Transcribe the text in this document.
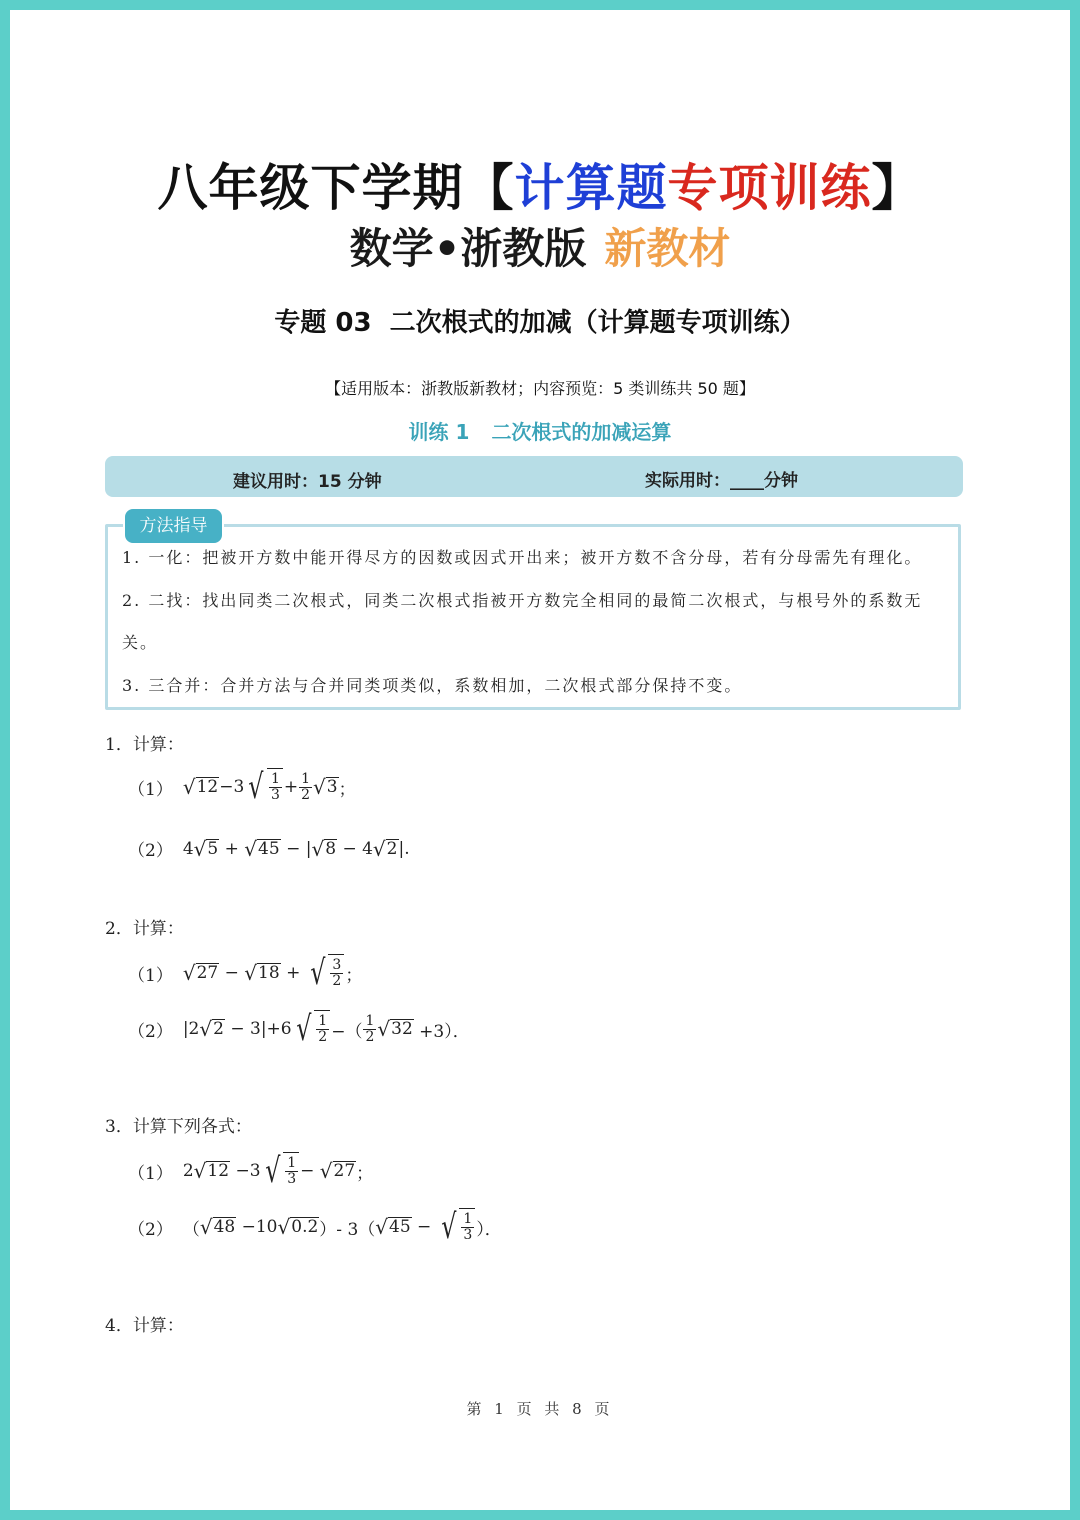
八年级下学期【计算题专项训练】
数学•浙教版 新教材
专题 03  二次根式的加减（计算题专项训练）
【适用版本：浙教版新教材；内容预览：5 类训练共 50 题】
训练 1 二次根式的加减运算
建议用时：15 分钟	实际用时：____分钟
方法指导
1. 一化：把被开方数中能开得尽方的因数或因式开出来；被开方数不含分母，若有分母需先有理化。
2. 二找：找出同类二次根式，同类二次根式指被开方数完全相同的最简二次根式，与根号外的系数无
关。
3. 三合并：合并方法与合并同类项类似，系数相加，二次根式部分保持不变。
1．计算：
（1） √ 12 −3 √ $\frac{1}{3} + \frac{1}{2}$ √ 3 ；
（2） 4 √ 5 + √ 45 − | √ 8 − 4 √ 2 |.
2．计算：
（1） √ 27 − √ 18 + √ $\frac{3}{2}$ ；
（2） |2 √ 2 − 3|+6 √ $\frac{1}{2}$ −（ $\frac{1}{2}$ √ 32 +3）．
3．计算下列各式：
（1） 2 √ 12 −3 √ $\frac{1}{3}$ − √ 27 ；
（2） （ √ 48 −10 √ 0.2 ）- 3（ √ 45 − √ $\frac{1}{3}$ ）．
4．计算：
第 1 页 共 8 页
